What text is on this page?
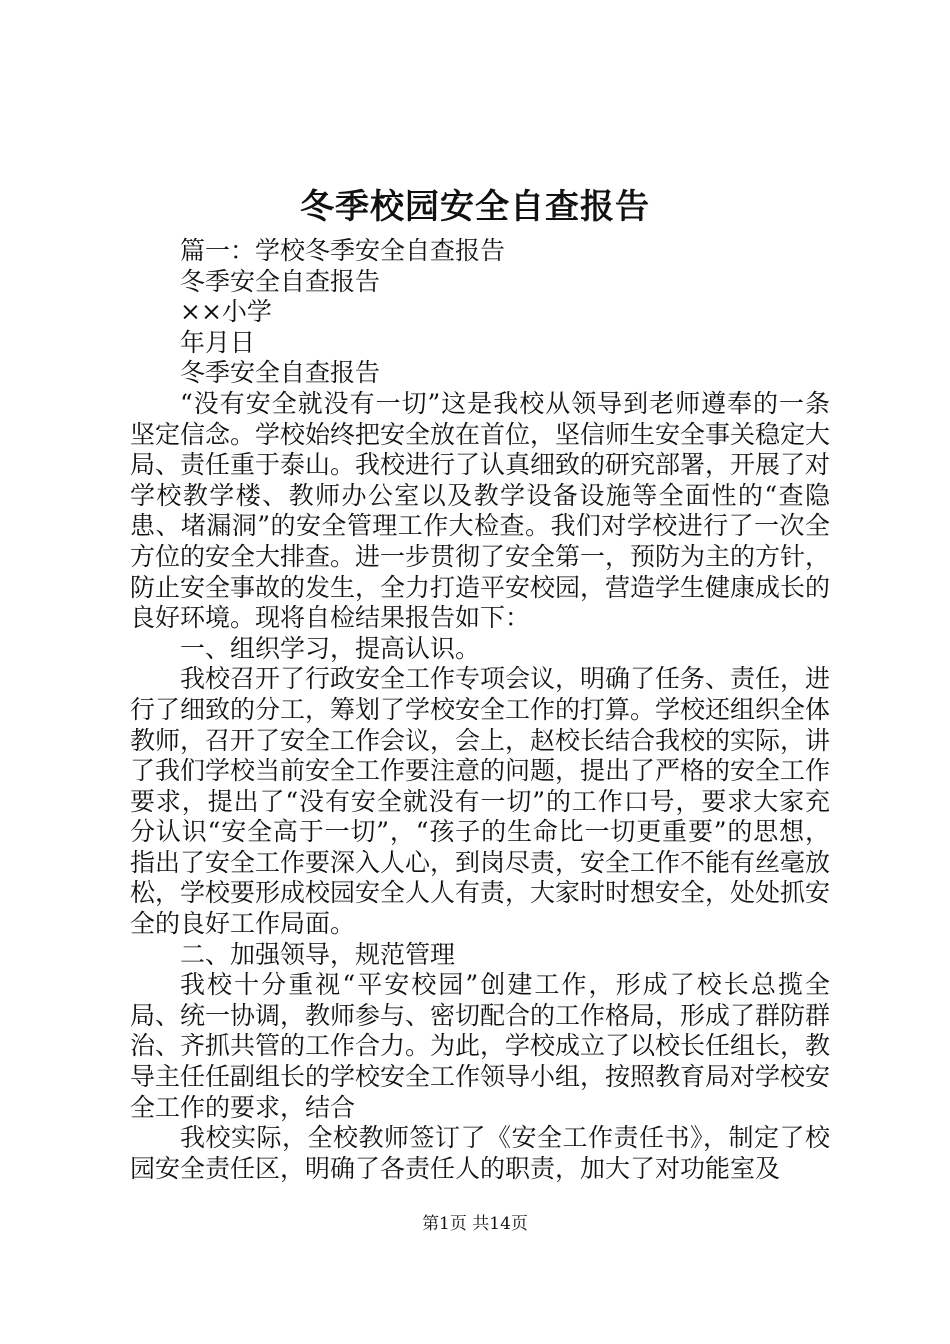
冬季校园安全自查报告

篇一：学校冬季安全自查报告

冬季安全自查报告

××小学

年月日

冬季安全自查报告

“没有安全就没有一切”这是我校从领导到老师遵奉的一条坚定信念。学校始终把安全放在首位，坚信师生安全事关稳定大局、责任重于泰山。我校进行了认真细致的研究部署，开展了对学校教学楼、教师办公室以及教学设备设施等全面性的“查隐患、堵漏洞”的安全管理工作大检查。我们对学校进行了一次全方位的安全大排查。进一步贯彻了安全第一，预防为主的方针，防止安全事故的发生，全力打造平安校园，营造学生健康成长的良好环境。现将自检结果报告如下：

一、组织学习，提高认识。

我校召开了行政安全工作专项会议，明确了任务、责任，进行了细致的分工，筹划了学校安全工作的打算。学校还组织全体教师，召开了安全工作会议，会上，赵校长结合我校的实际，讲了我们学校当前安全工作要注意的问题，提出了严格的安全工作要求，提出了“没有安全就没有一切”的工作口号，要求大家充分认识“安全高于一切”，“孩子的生命比一切更重要”的思想，指出了安全工作要深入人心，到岗尽责，安全工作不能有丝毫放松，学校要形成校园安全人人有责，大家时时想安全，处处抓安全的良好工作局面。

二、加强领导，规范管理

我校十分重视“平安校园”创建工作，形成了校长总揽全局、统一协调，教师参与、密切配合的工作格局，形成了群防群治、齐抓共管的工作合力。为此，学校成立了以校长任组长，教导主任任副组长的学校安全工作领导小组，按照教育局对学校安全工作的要求，结合

我校实际，全校教师签订了《安全工作责任书》，制定了校园安全责任区，明确了各责任人的职责，加大了对功能室及

第1页 共14页
